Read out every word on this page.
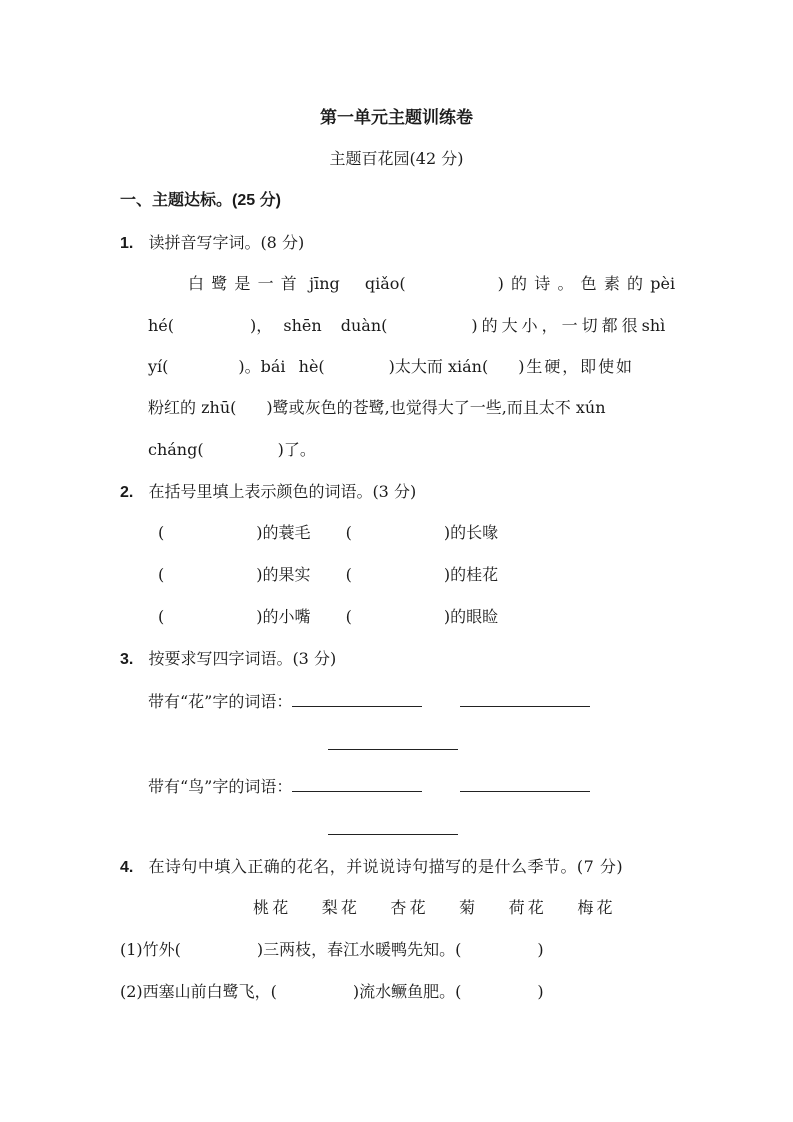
第一单元主题训练卷
主题百花园(42 分)
一、主题达标。(25 分)
1. 读拼音写字词。(8 分)
白鹭是一首 jīng qiǎo(	)的诗。色素的pèi
hé(	)， shēn duàn(	)的大小，一切都很shì
yí(	)。bái hè(	)太大而 xián( )生硬，即使如
粉红的 zhū( )鹭或灰色的苍鹭,也觉得大了一些,而且太不 xún
cháng(	)了。
2. 在括号里填上表示颜色的词语。(3 分)
(	)的蓑毛 (	)的长喙
(	)的果实 (	)的桂花
(	)的小嘴 (	)的眼睑
3. 按要求写四字词语。(3 分)
带有“花”字的词语：
带有“鸟”字的词语：
4. 在诗句中填入正确的花名，并说说诗句描写的是什么季节。(7 分)
桃花 梨花 杏花 菊 荷花 梅花
(1)竹外(	)三两枝，春江水暖鸭先知。(	)
(2)西塞山前白鹭飞，(	)流水鳜鱼肥。(	)
